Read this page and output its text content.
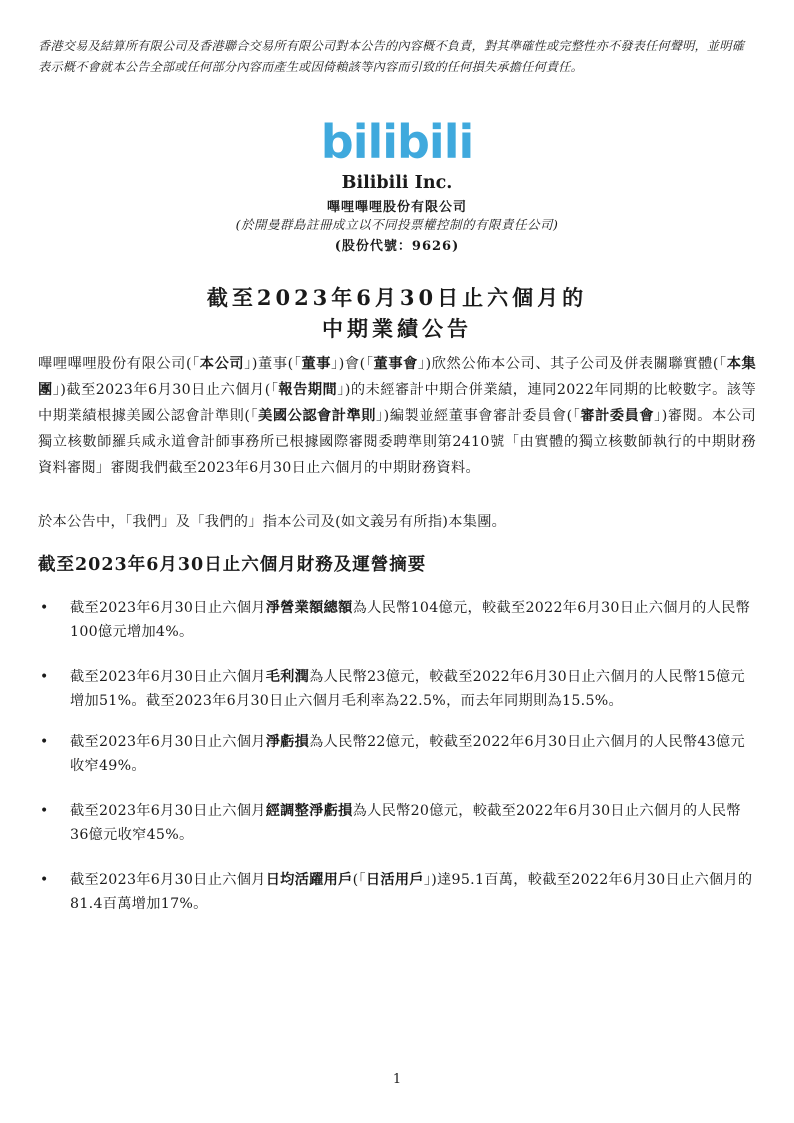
香港交易及結算所有限公司及香港聯合交易所有限公司對本公告的內容概不負責，對其準確性或完整性亦不發表任何聲明，並明確表示概不會就本公告全部或任何部分內容而產生或因倚賴該等內容而引致的任何損失承擔任何責任。
bilibili
Bilibili Inc.
嗶哩嗶哩股份有限公司
(於開曼群島註冊成立以不同投票權控制的有限責任公司)
(股份代號：9626)
截至2023年6月30日止六個月的
中期業績公告

嗶哩嗶哩股份有限公司(「本公司」)董事(「董事」)會(「董事會」)欣然公佈本公司、其子公司及併表關聯實體(「本集團」)截至2023年6月30日止六個月(「報告期間」)的未經審計中期合併業績，連同2022年同期的比較數字。該等中期業績根據美國公認會計準則(「美國公認會計準則」)編製並經董事會審計委員會(「審計委員會」)審閱。本公司獨立核數師羅兵咸永道會計師事務所已根據國際審閱委聘準則第2410號「由實體的獨立核數師執行的中期財務資料審閱」審閱我們截至2023年6月30日止六個月的中期財務資料。

於本公告中，「我們」及「我們的」指本公司及(如文義另有所指)本集團。

截至2023年6月30日止六個月財務及運營摘要
• 截至2023年6月30日止六個月淨營業額總額為人民幣104億元，較截至2022年6月30日止六個月的人民幣100億元增加4%。
• 截至2023年6月30日止六個月毛利潤為人民幣23億元，較截至2022年6月30日止六個月的人民幣15億元增加51%。截至2023年6月30日止六個月毛利率為22.5%，而去年同期則為15.5%。
• 截至2023年6月30日止六個月淨虧損為人民幣22億元，較截至2022年6月30日止六個月的人民幣43億元收窄49%。
• 截至2023年6月30日止六個月經調整淨虧損為人民幣20億元，較截至2022年6月30日止六個月的人民幣36億元收窄45%。
• 截至2023年6月30日止六個月日均活躍用戶(「日活用戶」)達95.1百萬，較截至2022年6月30日止六個月的81.4百萬增加17%。
1
